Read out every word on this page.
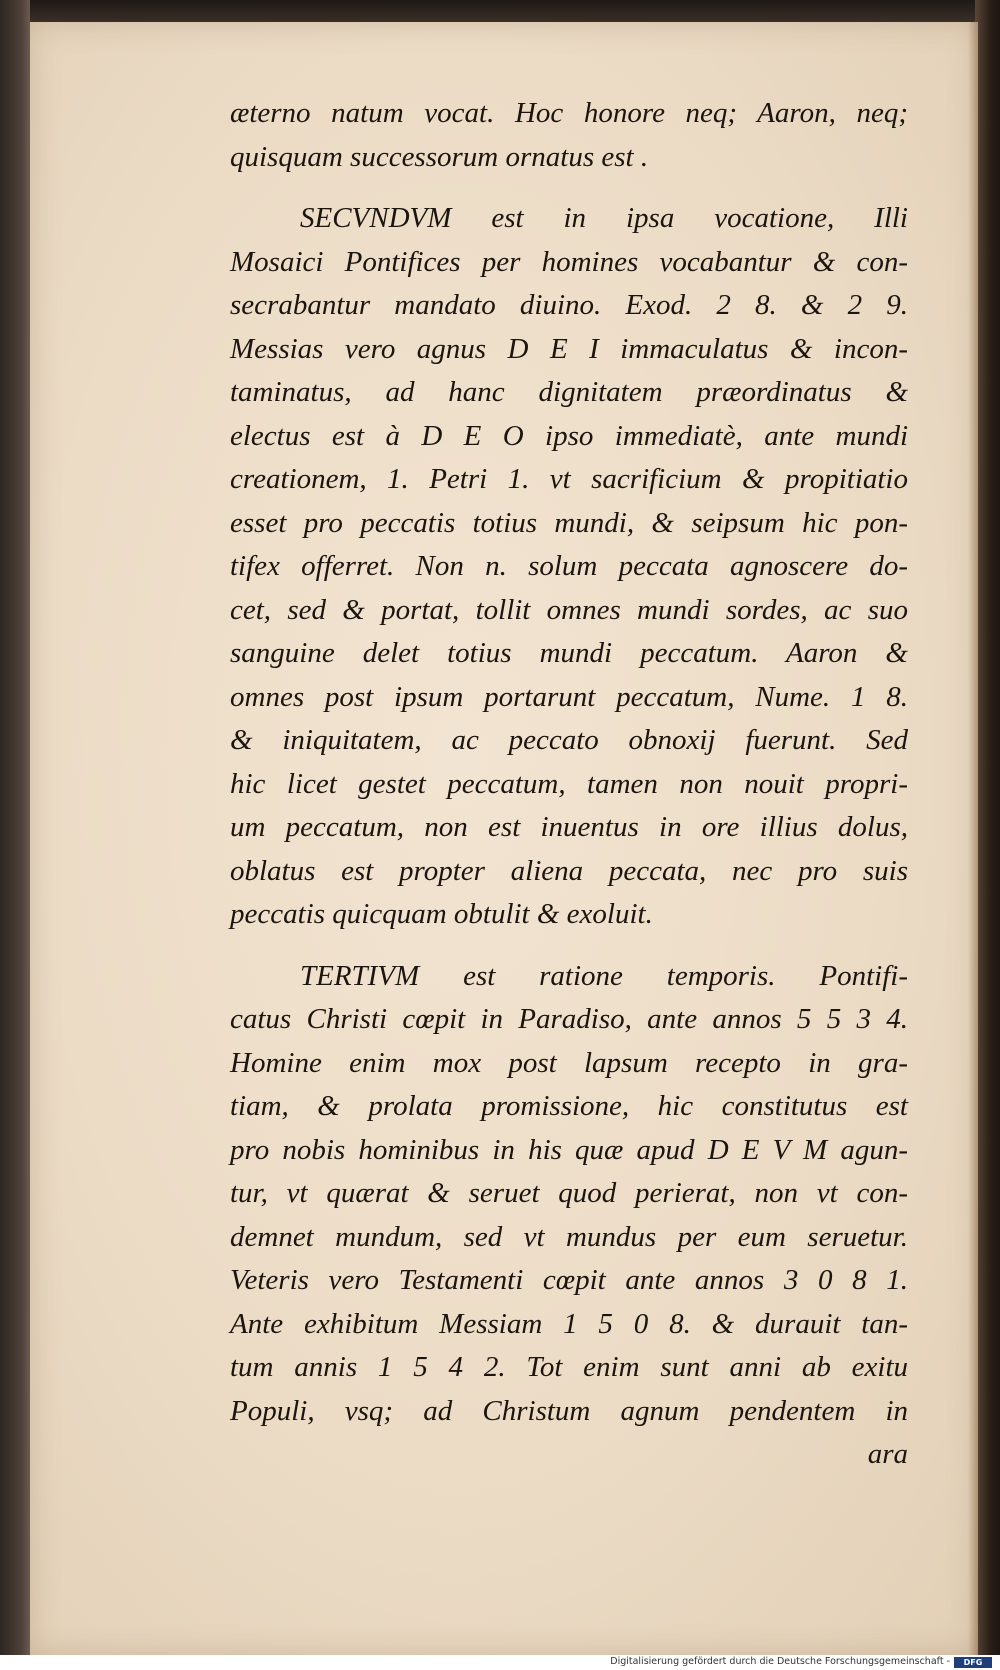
æterno natum vocat. Hoc honore neq; Aaron, neq;
quisquam successorum ornatus est .
SECVNDVM est in ipsa vocatione, Illi
Mosaici Pontifices per homines vocabantur & con-
secrabantur mandato diuino. Exod. 2 8. & 2 9.
Messias vero agnus D E I immaculatus & incon-
taminatus, ad hanc dignitatem præordinatus &
electus est à D E O ipso immediatè, ante mundi
creationem, 1. Petri 1. vt sacrificium & propitiatio
esset pro peccatis totius mundi, & seipsum hic pon-
tifex offerret. Non n. solum peccata agnoscere do-
cet, sed & portat, tollit omnes mundi sordes, ac suo
sanguine delet totius mundi peccatum. Aaron &
omnes post ipsum portarunt peccatum, Nume. 1 8.
& iniquitatem, ac peccato obnoxij fuerunt. Sed
hic licet gestet peccatum, tamen non nouit propri-
um peccatum, non est inuentus in ore illius dolus,
oblatus est propter aliena peccata, nec pro suis
peccatis quicquam obtulit & exoluit.
TERTIVM est ratione temporis. Pontifi-
catus Christi cœpit in Paradiso, ante annos 5 5 3 4.
Homine enim mox post lapsum recepto in gra-
tiam, & prolata promissione, hic constitutus est
pro nobis hominibus in his quæ apud D E V M agun-
tur, vt quærat & seruet quod perierat, non vt con-
demnet mundum, sed vt mundus per eum seruetur.
Veteris vero Testamenti cœpit ante annos 3 0 8 1.
Ante exhibitum Messiam 1 5 0 8. & durauit tan-
tum annis 1 5 4 2. Tot enim sunt anni ab exitu
Populi, vsq; ad Christum agnum pendentem in
ara
Digitalisierung gefördert durch die Deutsche Forschungsgemeinschaft -	DFG
